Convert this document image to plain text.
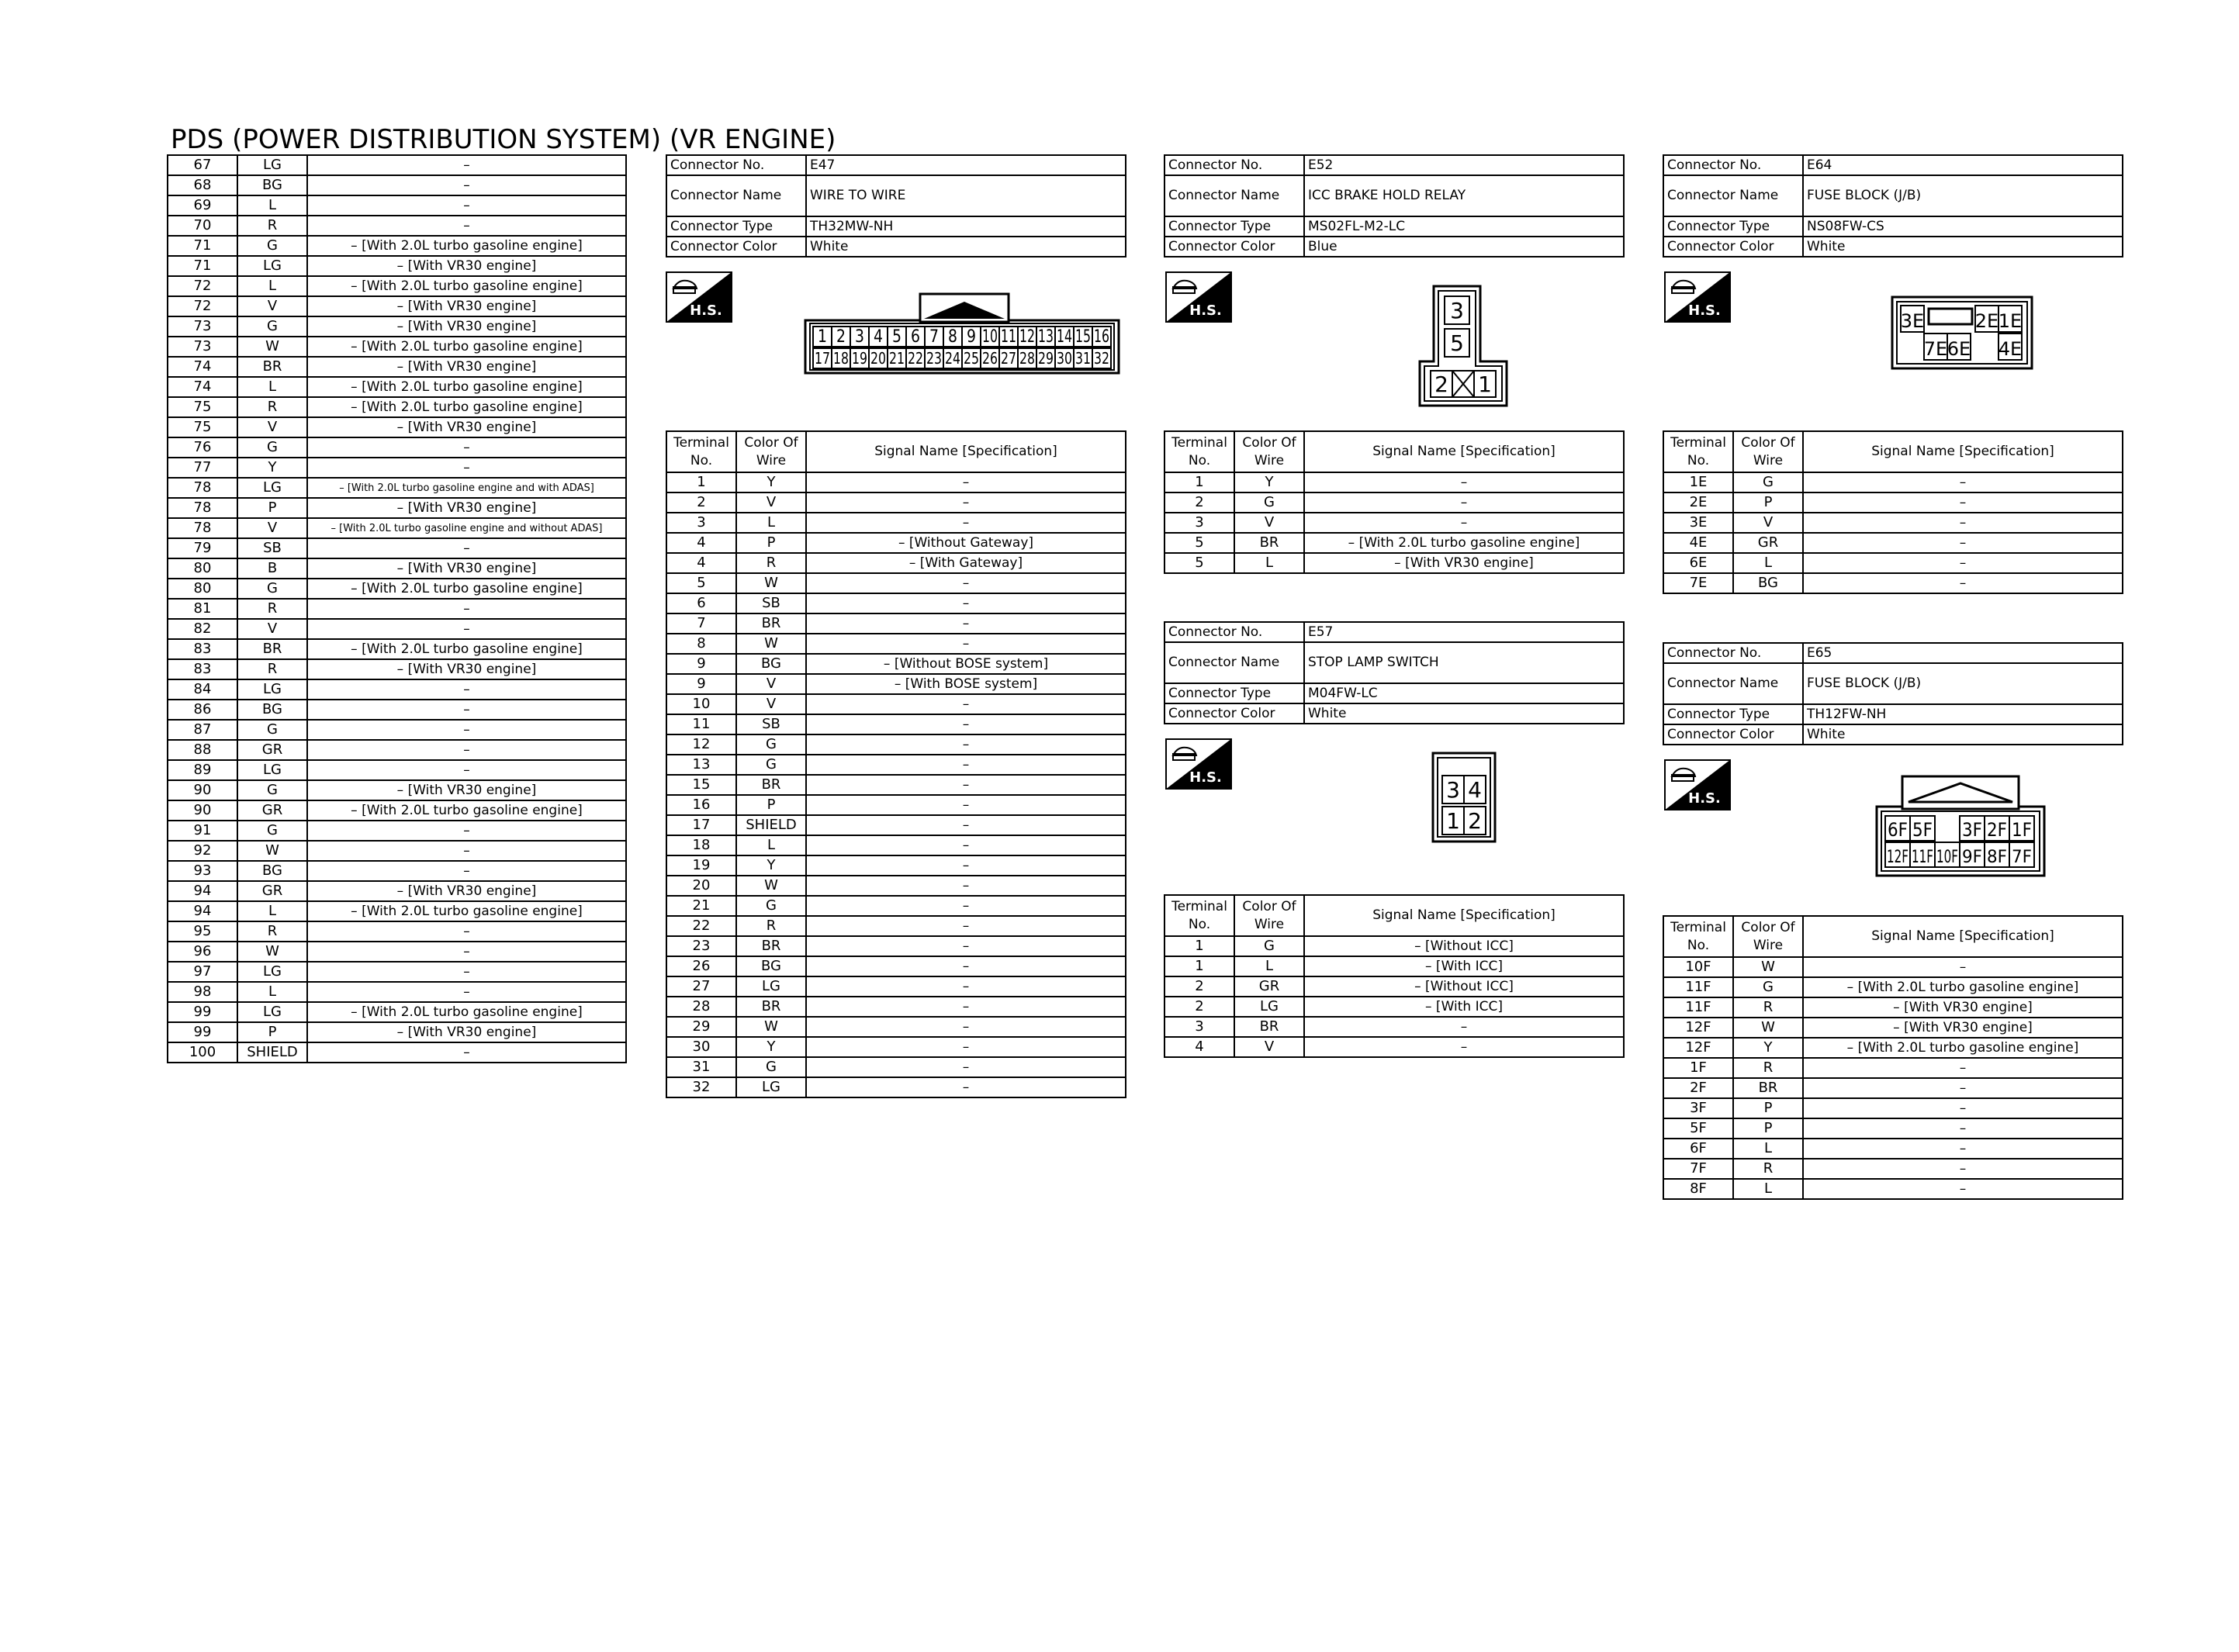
PDS (POWER DISTRIBUTION SYSTEM) (VR ENGINE)
67	LG	–
68	BG	–
69	L	–
70	R	–
71	G	– [With 2.0L turbo gasoline engine]
71	LG	– [With VR30 engine]
72	L	– [With 2.0L turbo gasoline engine]
72	V	– [With VR30 engine]
73	G	– [With VR30 engine]
73	W	– [With 2.0L turbo gasoline engine]
74	BR	– [With VR30 engine]
74	L	– [With 2.0L turbo gasoline engine]
75	R	– [With 2.0L turbo gasoline engine]
75	V	– [With VR30 engine]
76	G	–
77	Y	–
78	LG	– [With 2.0L turbo gasoline engine and with ADAS]
78	P	– [With VR30 engine]
78	V	– [With 2.0L turbo gasoline engine and without ADAS]
79	SB	–
80	B	– [With VR30 engine]
80	G	– [With 2.0L turbo gasoline engine]
81	R	–
82	V	–
83	BR	– [With 2.0L turbo gasoline engine]
83	R	– [With VR30 engine]
84	LG	–
86	BG	–
87	G	–
88	GR	–
89	LG	–
90	G	– [With VR30 engine]
90	GR	– [With 2.0L turbo gasoline engine]
91	G	–
92	W	–
93	BG	–
94	GR	– [With VR30 engine]
94	L	– [With 2.0L turbo gasoline engine]
95	R	–
96	W	–
97	LG	–
98	L	–
99	LG	– [With 2.0L turbo gasoline engine]
99	P	– [With VR30 engine]
100	SHIELD	–
Connector No.	E47
Connector Name	WIRE TO WIRE
Connector Type	TH32MW-NH
Connector Color	White
H.S.
1 2 3 4 5 6 7 8 9 10 11 12 13 14 15 16
17 18 19 20 21 22 23 24 25 26 27 28 29 30 31 32
Terminal No.	Color Of Wire	Signal Name [Specification]
1	Y	–
2	V	–
3	L	–
4	P	– [Without Gateway]
4	R	– [With Gateway]
5	W	–
6	SB	–
7	BR	–
8	W	–
9	BG	– [Without BOSE system]
9	V	– [With BOSE system]
10	V	–
11	SB	–
12	G	–
13	G	–
15	BR	–
16	P	–
17	SHIELD	–
18	L	–
19	Y	–
20	W	–
21	G	–
22	R	–
23	BR	–
26	BG	–
27	LG	–
28	BR	–
29	W	–
30	Y	–
31	G	–
32	LG	–
Connector No.	E52
Connector Name	ICC BRAKE HOLD RELAY
Connector Type	MS02FL-M2-LC
Connector Color	Blue
H.S.	3
5
2 1
Terminal No.	Color Of Wire	Signal Name [Specification]
1	Y	–
2	G	–
3	V	–
5	BR	– [With 2.0L turbo gasoline engine]
5	L	– [With VR30 engine]
Connector No.	E57
Connector Name	STOP LAMP SWITCH
Connector Type	M04FW-LC
Connector Color	White
H.S.	3 4
1 2
Terminal No.	Color Of Wire	Signal Name [Specification]
1	G	– [Without ICC]
1	L	– [With ICC]
2	GR	– [Without ICC]
2	LG	– [With ICC]
3	BR	–
4	V	–
Connector No.	E64
Connector Name	FUSE BLOCK (J/B)
Connector Type	NS08FW-CS
Connector Color	White
H.S.	3E	2E 1E
7E 6E 4E
Terminal No.	Color Of Wire	Signal Name [Specification]
1E	G	–
2E	P	–
3E	V	–
4E	GR	–
6E	L	–
7E	BG	–
Connector No.	E65
Connector Name	FUSE BLOCK (J/B)
Connector Type	TH12FW-NH
Connector Color	White
H.S.
6F 5F 3F 2F 1F
12F 11F 10F 9F 8F 7F
Terminal No.	Color Of Wire	Signal Name [Specification]
10F	W	–
11F	G	– [With 2.0L turbo gasoline engine]
11F	R	– [With VR30 engine]
12F	W	– [With VR30 engine]
12F	Y	– [With 2.0L turbo gasoline engine]
1F	R	–
2F	BR	–
3F	P	–
5F	P	–
6F	L	–
7F	R	–
8F	L	–
